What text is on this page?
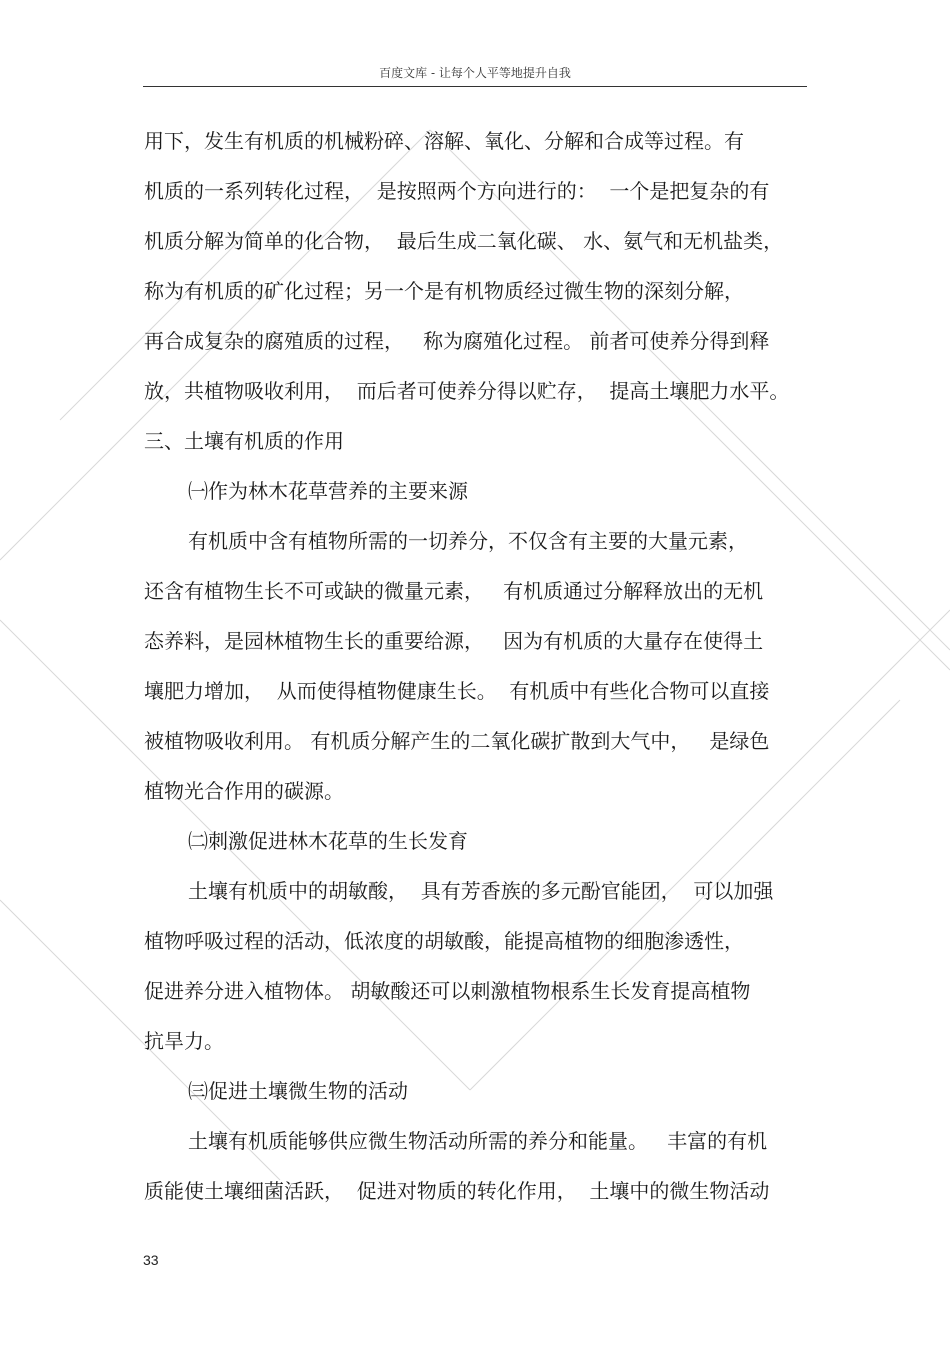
百度文库 - 让每个人平等地提升自我
用下，发生有机质的机械粉碎、溶解、氧化、分解和合成等过程。有
机质的一系列转化过程，  是按照两个方向进行的：  一个是把复杂的有
机质分解为简单的化合物，  最后生成二氧化碳、 水、氨气和无机盐类，
称为有机质的矿化过程；另一个是有机物质经过微生物的深刻分解，
再合成复杂的腐殖质的过程，   称为腐殖化过程。 前者可使养分得到释
放，共植物吸收利用，  而后者可使养分得以贮存，  提高土壤肥力水平。
三、土壤有机质的作用
㈠作为林木花草营养的主要来源
有机质中含有植物所需的一切养分，不仅含有主要的大量元素，
还含有植物生长不可或缺的微量元素，   有机质通过分解释放出的无机
态养料，是园林植物生长的重要给源，   因为有机质的大量存在使得土
壤肥力增加，  从而使得植物健康生长。  有机质中有些化合物可以直接
被植物吸收利用。 有机质分解产生的二氧化碳扩散到大气中，   是绿色
植物光合作用的碳源。
㈡刺激促进林木花草的生长发育
土壤有机质中的胡敏酸，  具有芳香族的多元酚官能团，  可以加强
植物呼吸过程的活动，低浓度的胡敏酸，能提高植物的细胞渗透性，
促进养分进入植物体。 胡敏酸还可以刺激植物根系生长发育提高植物
抗旱力。
㈢促进土壤微生物的活动
土壤有机质能够供应微生物活动所需的养分和能量。   丰富的有机
质能使土壤细菌活跃，  促进对物质的转化作用，  土壤中的微生物活动
33
